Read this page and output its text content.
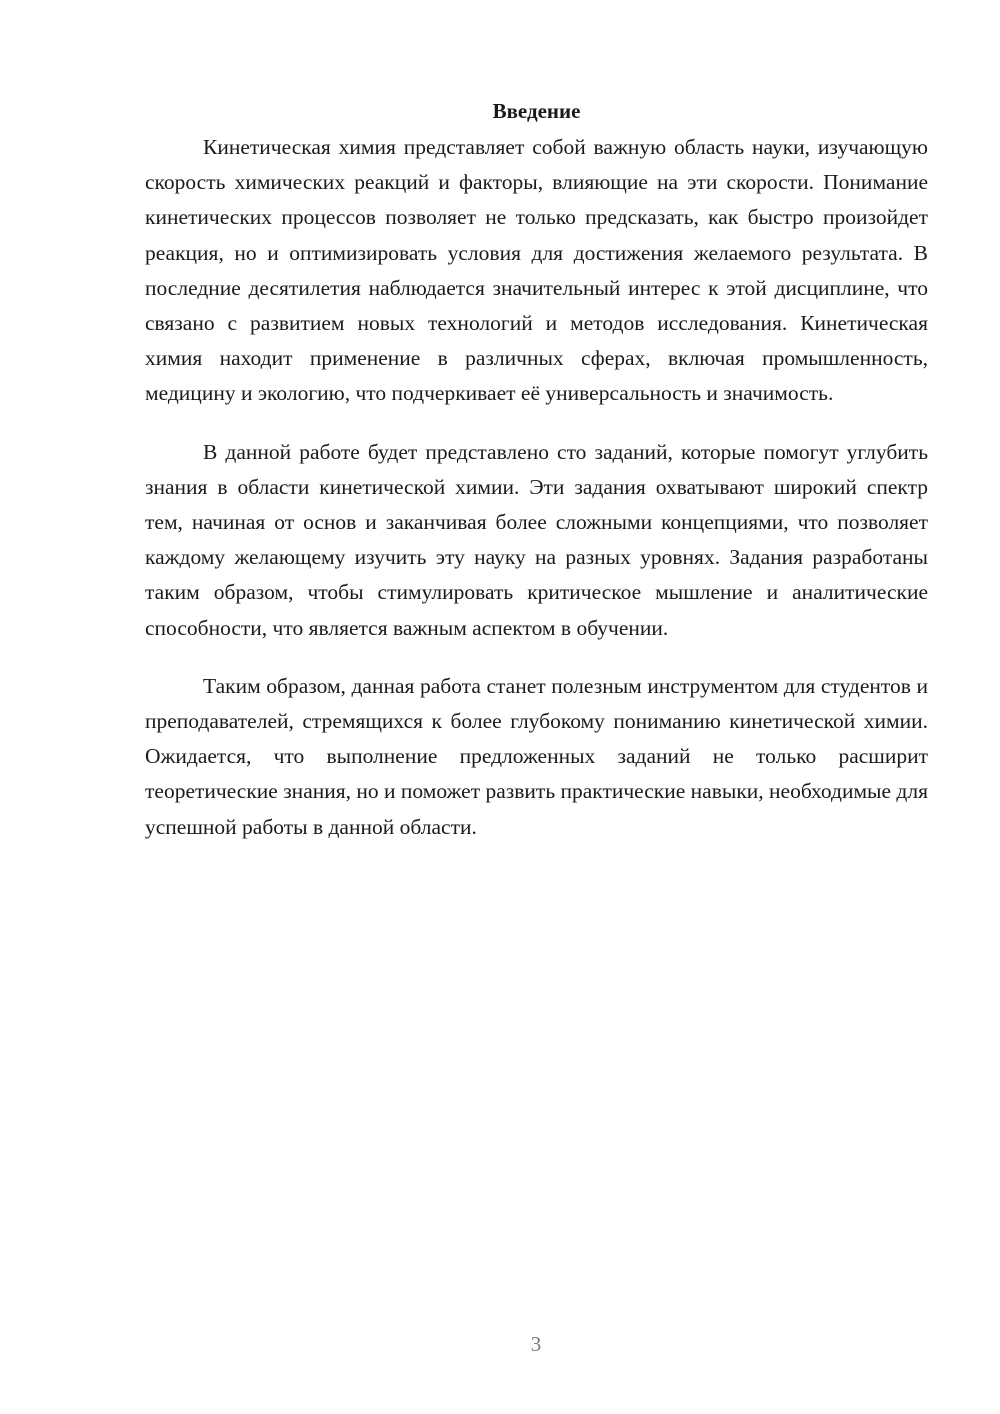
Введение

Кинетическая химия представляет собой важную область науки, изучающую скорость химических реакций и факторы, влияющие на эти скорости. Понимание кинетических процессов позволяет не только предсказать, как быстро произойдет реакция, но и оптимизировать условия для достижения желаемого результата. В последние десятилетия наблюдается значительный интерес к этой дисциплине, что связано с развитием новых технологий и методов исследования. Кинетическая химия находит применение в различных сферах, включая промышленность, медицину и экологию, что подчеркивает её универсальность и значимость.

В данной работе будет представлено сто заданий, которые помогут углубить знания в области кинетической химии. Эти задания охватывают широкий спектр тем, начиная от основ и заканчивая более сложными концепциями, что позволяет каждому желающему изучить эту науку на разных уровнях. Задания разработаны таким образом, чтобы стимулировать критическое мышление и аналитические способности, что является важным аспектом в обучении.

Таким образом, данная работа станет полезным инструментом для студентов и преподавателей, стремящихся к более глубокому пониманию кинетической химии. Ожидается, что выполнение предложенных заданий не только расширит теоретические знания, но и поможет развить практические навыки, необходимые для успешной работы в данной области.

3
